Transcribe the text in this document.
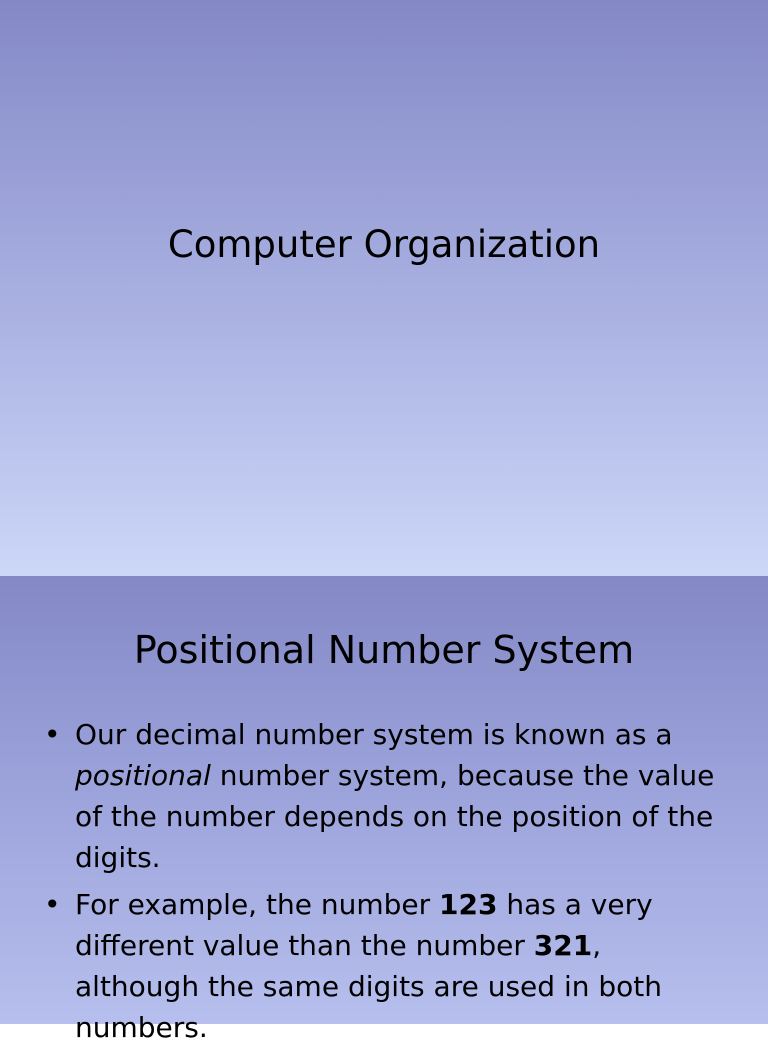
Computer Organization
Positional Number System
• Our decimal number system is known as a positional number system, because the value of the number depends on the position of the digits.
• For example, the number 123 has a very different value than the number 321, although the same digits are used in both numbers.
